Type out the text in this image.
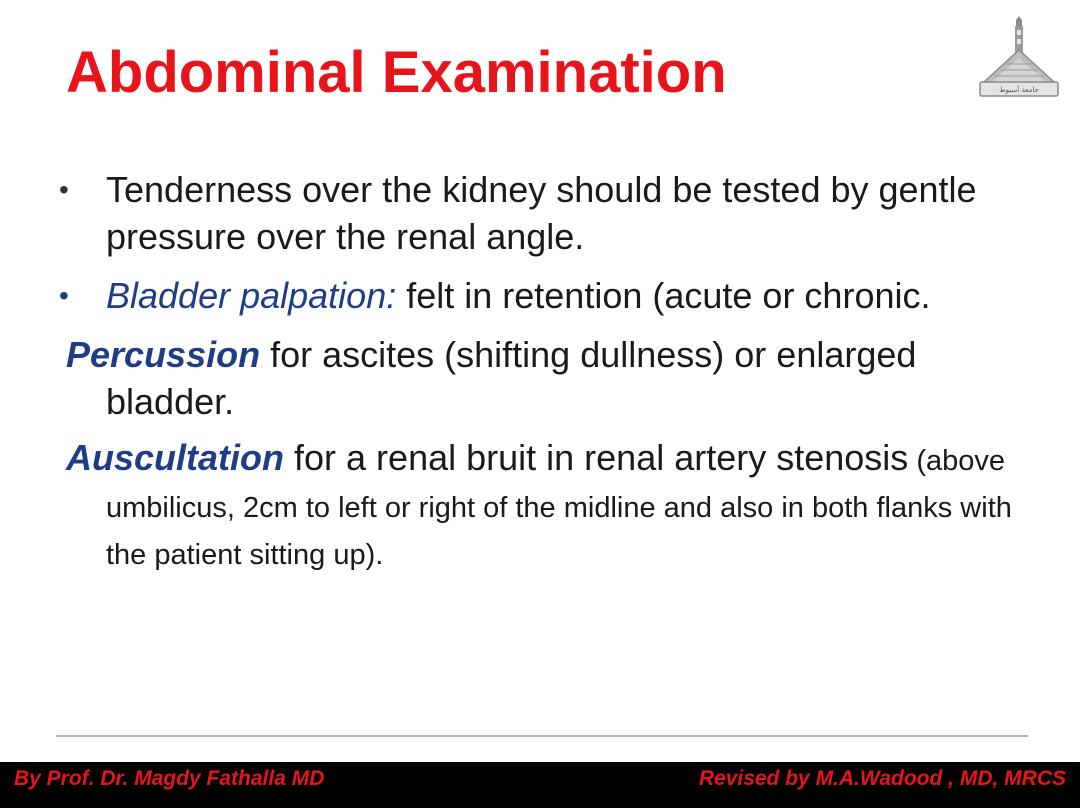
Abdominal Examination	جامعة أسيوط
• Tenderness over the kidney should be tested by gentle pressure over the renal angle.
• Bladder palpation: felt in retention (acute or chronic.
Percussion for ascites (shifting dullness) or enlarged bladder.
Auscultation for a renal bruit in renal artery stenosis (above umbilicus, 2cm to left or right of the midline and also in both flanks with the patient sitting up).
By Prof. Dr. Magdy Fathalla MD	Revised by M.A.Wadood , MD, MRCS
